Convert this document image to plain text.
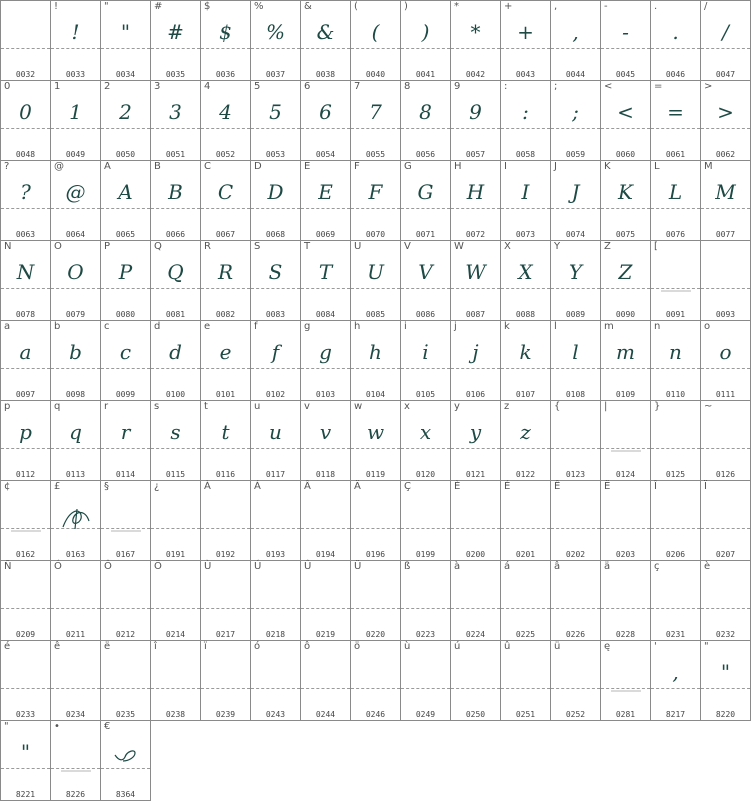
0032
!
!
0033
"
"
0034
#
#
0035
$
$
0036
%
%
0037
&
&
0038
(
(
0040
)
)
0041
*
*
0042
+
+
0043
,
,
0044
-
-
0045
.
.
0046
/
/
0047
0
0
0048
1
1
0049
2
2
0050
3
3
0051
4
4
0052
5
5
0053
6
6
0054
7
7
0055
8
8
0056
9
9
0057
:
:
0058
;
;
0059
<
<
0060
=
=
0061
>
>
0062
?
?
0063
@
@
0064
A
A
0065
B
B
0066
C
C
0067
D
D
0068
E
E
0069
F
F
0070
G
G
0071
H
H
0072
I
I
0073
J
J
0074
K
K
0075
L
L
0076
M
M
0077
N
N
0078
O
O
0079
P
P
0080
Q
Q
0081
R
R
0082
S
S
0083
T
T
0084
U
U
0085
V
V
0086
W
W
0087
X
X
0088
Y
Y
0089
Z
Z
0090
[
0091	0093
a
a
0097
b
b
0098
c
c
0099
d
d
0100
e
e
0101
f
f
0102
g
g
0103
h
h
0104
i
i
0105
j
j
0106
k
k
0107
l
l
0108
m
m
0109
n
n
0110
o
o
0111
p
p
0112
q
q
0113
r
r
0114
s
s
0115
t
t
0116
u
u
0117
v
v
0118
w
w
0119
x
x
0120
y
y
0121
z
z
0122
{
0123
|
0124
}
0125
~
0126
¢
0162
£
0163
§
0167
¿
0191
À
0192
Á
0193
Â
0194
Ä
0196
Ç
0199
È
0200
É
0201
Ê
0202
Ë
0203
Î
0206
Ï
0207
Ñ
0209
Ó
0211
Ô
0212
Ö
0214
Ù
0217
Ú
0218
Û
0219
Ü
0220
ß
0223
à
0224
á
0225
â
0226
ä
0228
ç
0231
è
0232
é
0233
ê
0234
ë
0235
î
0238
ï
0239
ó
0243
ô
0244
ö
0246
ù
0249
ú
0250
û
0251
ü
0252
ę
0281
'
,
8217
"
"
8220
"
"
8221
•
8226
€
8364
